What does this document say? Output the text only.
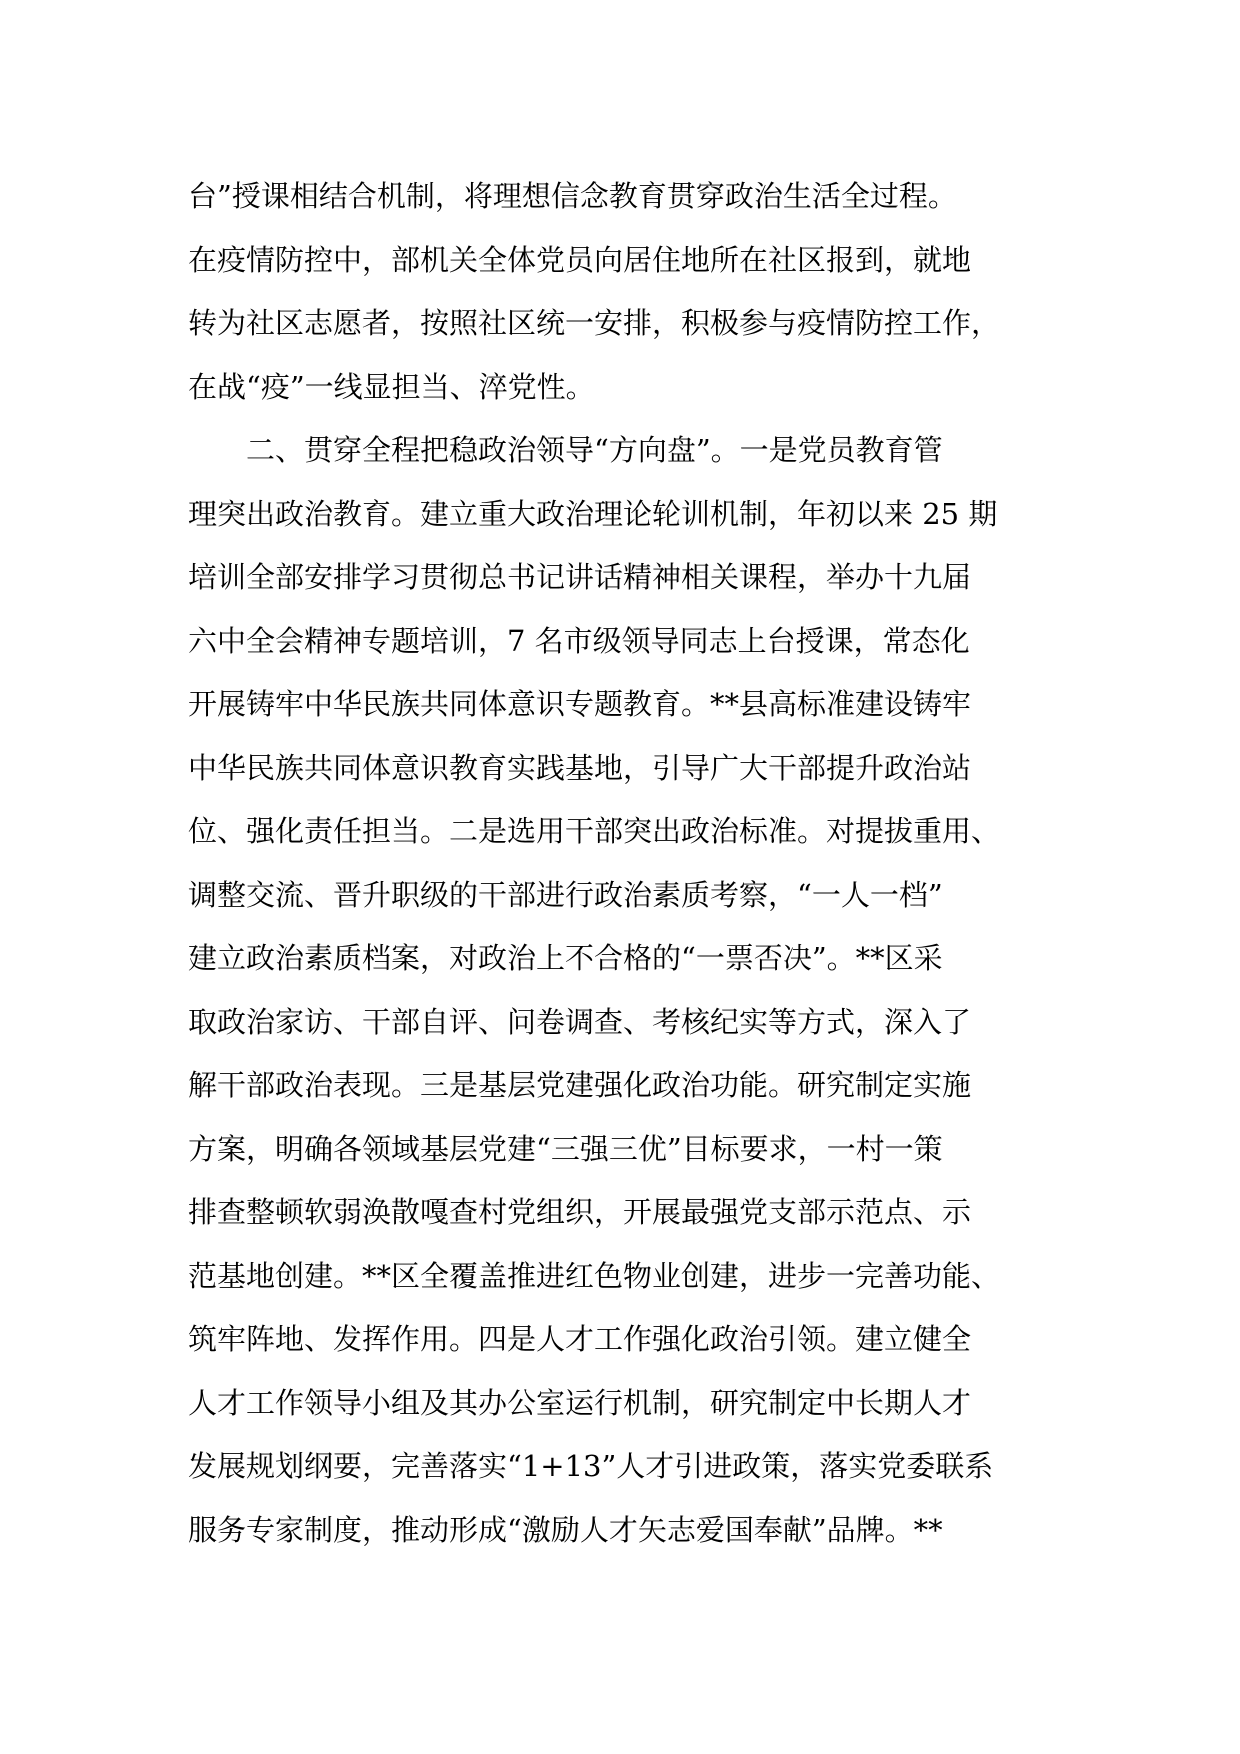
台”授课相结合机制，将理想信念教育贯穿政治生活全过程。
在疫情防控中，部机关全体党员向居住地所在社区报到，就地
转为社区志愿者，按照社区统一安排，积极参与疫情防控工作，
在战“疫”一线显担当、淬党性。
二、贯穿全程把稳政治领导“方向盘”。一是党员教育管
理突出政治教育。建立重大政治理论轮训机制，年初以来 25 期
培训全部安排学习贯彻总书记讲话精神相关课程，举办十九届
六中全会精神专题培训，7 名市级领导同志上台授课，常态化
开展铸牢中华民族共同体意识专题教育。**县高标准建设铸牢
中华民族共同体意识教育实践基地，引导广大干部提升政治站
位、强化责任担当。二是选用干部突出政治标准。对提拔重用、
调整交流、晋升职级的干部进行政治素质考察，“一人一档”
建立政治素质档案，对政治上不合格的“一票否决”。**区采
取政治家访、干部自评、问卷调查、考核纪实等方式，深入了
解干部政治表现。三是基层党建强化政治功能。研究制定实施
方案，明确各领域基层党建“三强三优”目标要求，一村一策
排查整顿软弱涣散嘎查村党组织，开展最强党支部示范点、示
范基地创建。**区全覆盖推进红色物业创建，进步一完善功能、
筑牢阵地、发挥作用。四是人才工作强化政治引领。建立健全
人才工作领导小组及其办公室运行机制，研究制定中长期人才
发展规划纲要，完善落实“1+13”人才引进政策，落实党委联系
服务专家制度，推动形成“激励人才矢志爱国奉献”品牌。**
